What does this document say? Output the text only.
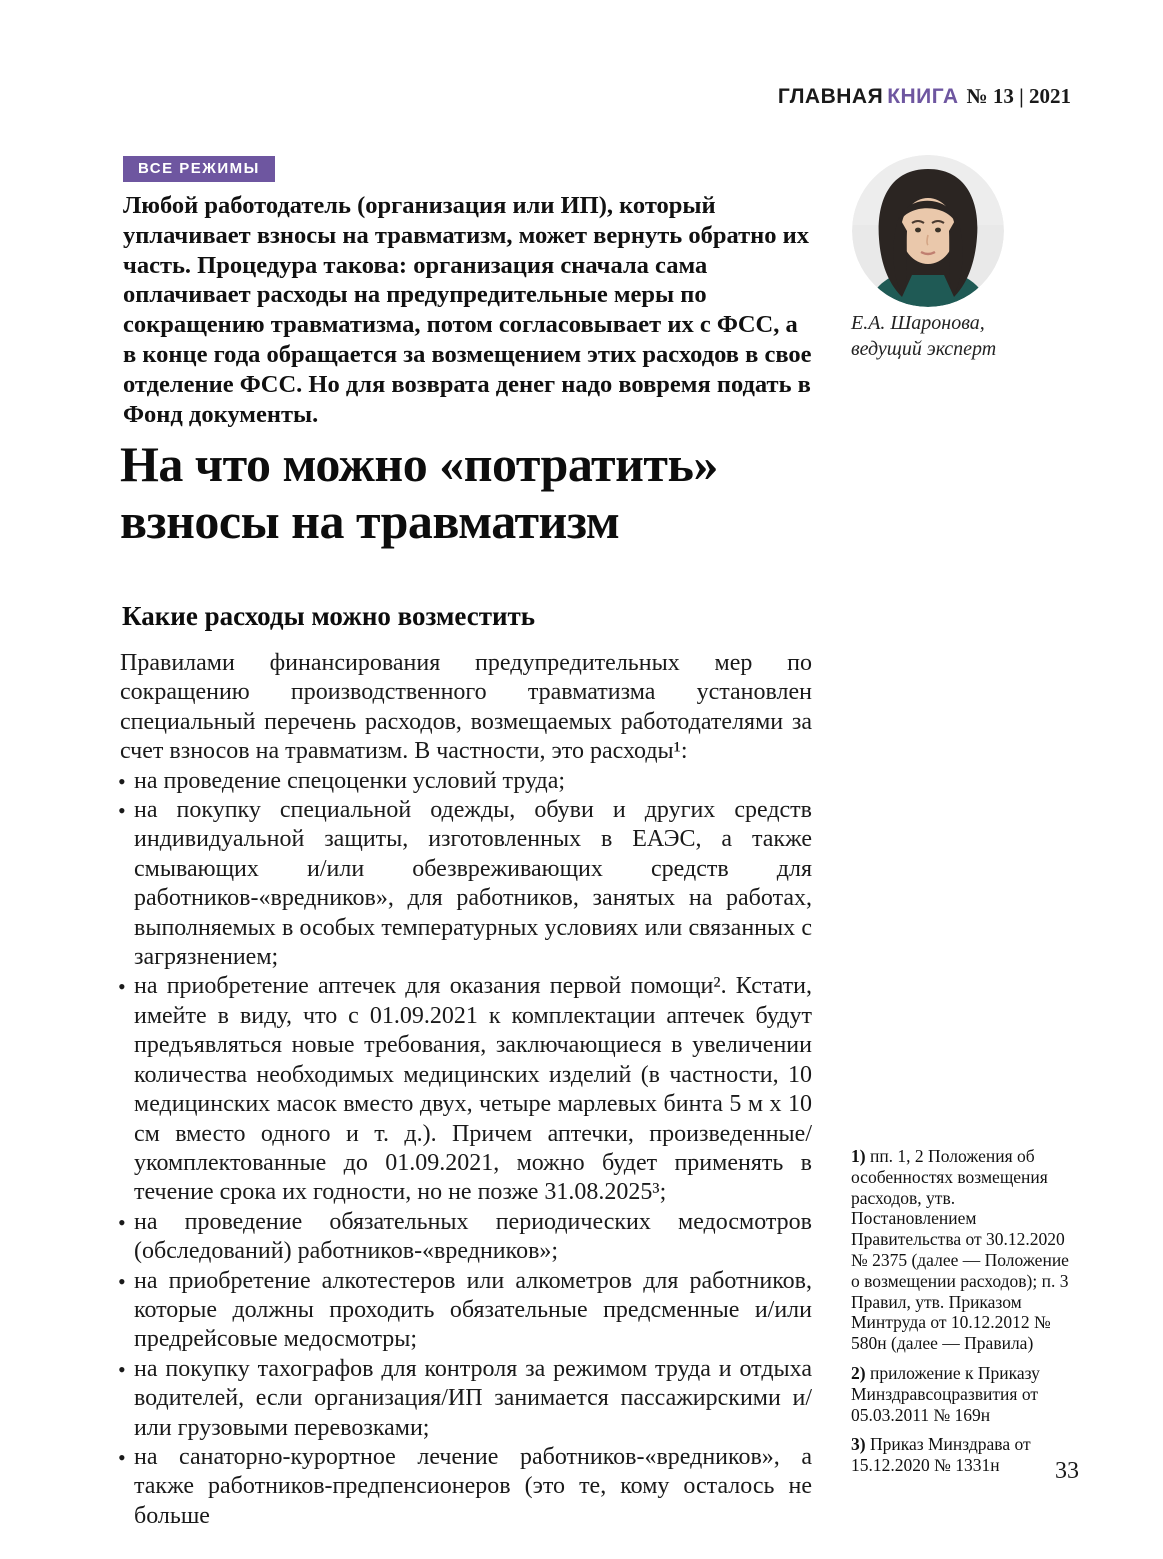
ГЛАВНАЯ КНИГА № 13 | 2021
ВСЕ РЕЖИМЫ
Любой работодатель (организация или ИП), который уплачивает взносы на травматизм, может вернуть обратно их часть. Процедура такова: организация сначала сама оплачивает расходы на предупредительные меры по сокращению травматизма, потом согласовывает их с ФСС, а в конце года обращается за возмещением этих расходов в свое отделение ФСС. Но для возврата денег надо вовремя подать в Фонд документы.
Е.А. Шаронова,
ведущий эксперт
На что можно «потратить»
взносы на травматизм
Какие расходы можно возместить

Правилами финансирования предупредительных мер по сокращению производственного травматизма установлен специальный перечень расходов, возмещаемых работодателями за счет взносов на травматизм. В частности, это расходы¹:

• на проведение спецоценки условий труда;
• на покупку специальной одежды, обуви и других средств индивидуальной защиты, изготовленных в ЕАЭС, а также смывающих и/или обезвреживающих средств для работников-«вредников», для работников, занятых на работах, выполняемых в особых температурных условиях или связанных с загрязнением;
• на приобретение аптечек для оказания первой помощи². Кстати, имейте в виду, что с 01.09.2021 к комплектации аптечек будут предъявляться новые требования, заключающиеся в увеличении количества необходимых медицинских изделий (в частности, 10 медицинских масок вместо двух, четыре марлевых бинта 5 м х 10 см вместо одного и т. д.). Причем аптечки, произведенные/укомплектованные до 01.09.2021, можно будет применять в течение срока их годности, но не позже 31.08.2025³;
• на проведение обязательных периодических медосмотров (обследований) работников-«вредников»;
• на приобретение алкотестеров или алкометров для работников, которые должны проходить обязательные предсменные и/или предрейсовые медосмотры;
• на покупку тахографов для контроля за режимом труда и отдыха водителей, если организация/ИП занимается пассажирскими и/или грузовыми перевозками;
• на санаторно-курортное лечение работников-«вредников», а также работников-предпенсионеров (это те, кому осталось не больше

1) пп. 1, 2 Положения об особенностях возмещения расходов, утв. Постановлением Правительства от 30.12.2020 № 2375 (далее — Положение о возмещении расходов); п. 3 Правил, утв. Приказом Минтруда от 10.12.2012 № 580н (далее — Правила)

2) приложение к Приказу Минздравсоцразвития от 05.03.2011 № 169н

3) Приказ Минздрава от 15.12.2020 № 1331н	33
